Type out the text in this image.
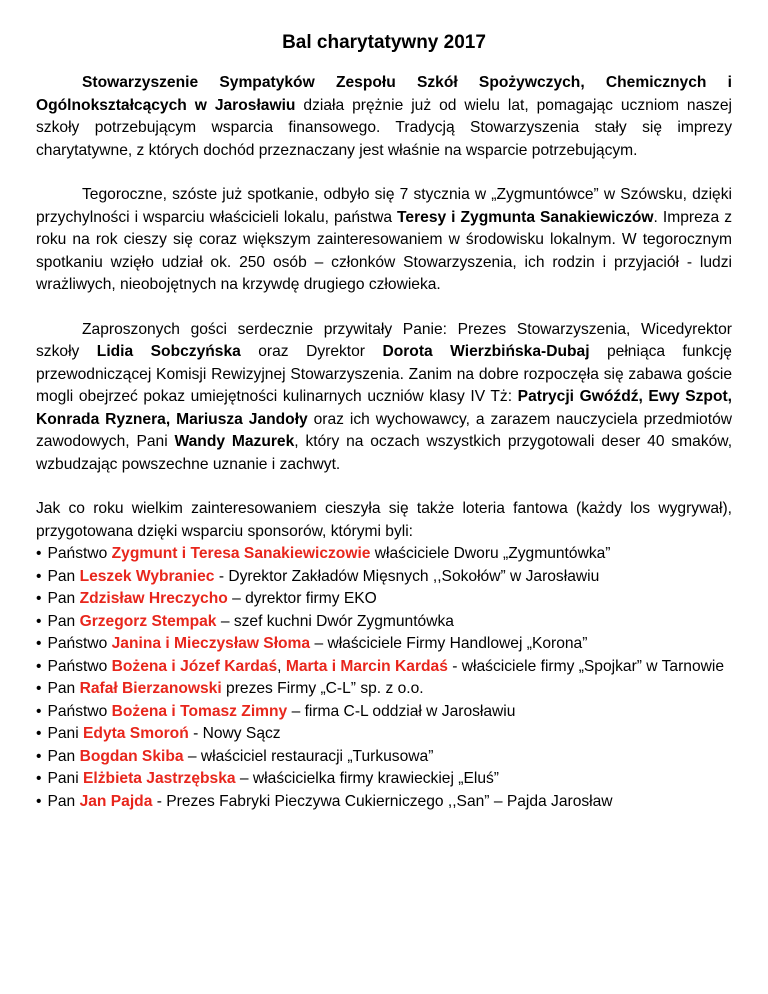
Bal charytatywny 2017

Stowarzyszenie Sympatyków Zespołu Szkół Spożywczych, Chemicznych i Ogólnokształcących w Jarosławiu działa prężnie już od wielu lat, pomagając uczniom naszej szkoły potrzebującym wsparcia finansowego. Tradycją Stowarzyszenia stały się imprezy charytatywne, z których dochód przeznaczany jest właśnie na wsparcie potrzebującym.

Tegoroczne, szóste już spotkanie, odbyło się 7 stycznia w „Zygmuntówce” w Szówsku, dzięki przychylności i wsparciu właścicieli lokalu, państwa Teresy i Zygmunta Sanakiewiczów. Impreza z roku na rok cieszy się coraz większym zainteresowaniem w środowisku lokalnym. W tegorocznym spotkaniu wzięło udział ok. 250 osób – członków Stowarzyszenia, ich rodzin i przyjaciół - ludzi wrażliwych, nieobojętnych na krzywdę drugiego człowieka.

Zaproszonych gości serdecznie przywitały Panie: Prezes Stowarzyszenia, Wicedyrektor szkoły Lidia Sobczyńska oraz Dyrektor Dorota Wierzbińska-Dubaj pełniąca funkcję przewodniczącej Komisji Rewizyjnej Stowarzyszenia. Zanim na dobre rozpoczęła się zabawa goście mogli obejrzeć pokaz umiejętności kulinarnych uczniów klasy IV Tż: Patrycji Gwóźdź, Ewy Szpot, Konrada Ryznera, Mariusza Jandoły oraz ich wychowawcy, a zarazem nauczyciela przedmiotów zawodowych, Pani Wandy Mazurek, który na oczach wszystkich przygotowali deser 40 smaków, wzbudzając powszechne uznanie i zachwyt.

Jak co roku wielkim zainteresowaniem cieszyła się także loteria fantowa (każdy los wygrywał), przygotowana dzięki wsparciu sponsorów, którymi byli:

• Państwo Zygmunt i Teresa Sanakiewiczowie właściciele Dworu „Zygmuntówka”
• Pan Leszek Wybraniec - Dyrektor Zakładów Mięsnych ,,Sokołów” w Jarosławiu
• Pan Zdzisław Hreczycho – dyrektor firmy EKO
• Pan Grzegorz Stempak – szef kuchni Dwór Zygmuntówka
• Państwo Janina i Mieczysław Słoma – właściciele Firmy Handlowej „Korona”
• Państwo Bożena i Józef Kardaś, Marta i Marcin Kardaś - właściciele firmy „Spojkar” w Tarnowie
• Pan Rafał Bierzanowski prezes Firmy „C-L” sp. z o.o.
• Państwo Bożena i Tomasz Zimny – firma C-L oddział w Jarosławiu
• Pani Edyta Smoroń - Nowy Sącz
• Pan Bogdan Skiba – właściciel restauracji „Turkusowa”
• Pani Elżbieta Jastrzębska – właścicielka firmy krawieckiej „Eluś”
• Pan Jan Pajda - Prezes Fabryki Pieczywa Cukierniczego ,,San” – Pajda Jarosław
